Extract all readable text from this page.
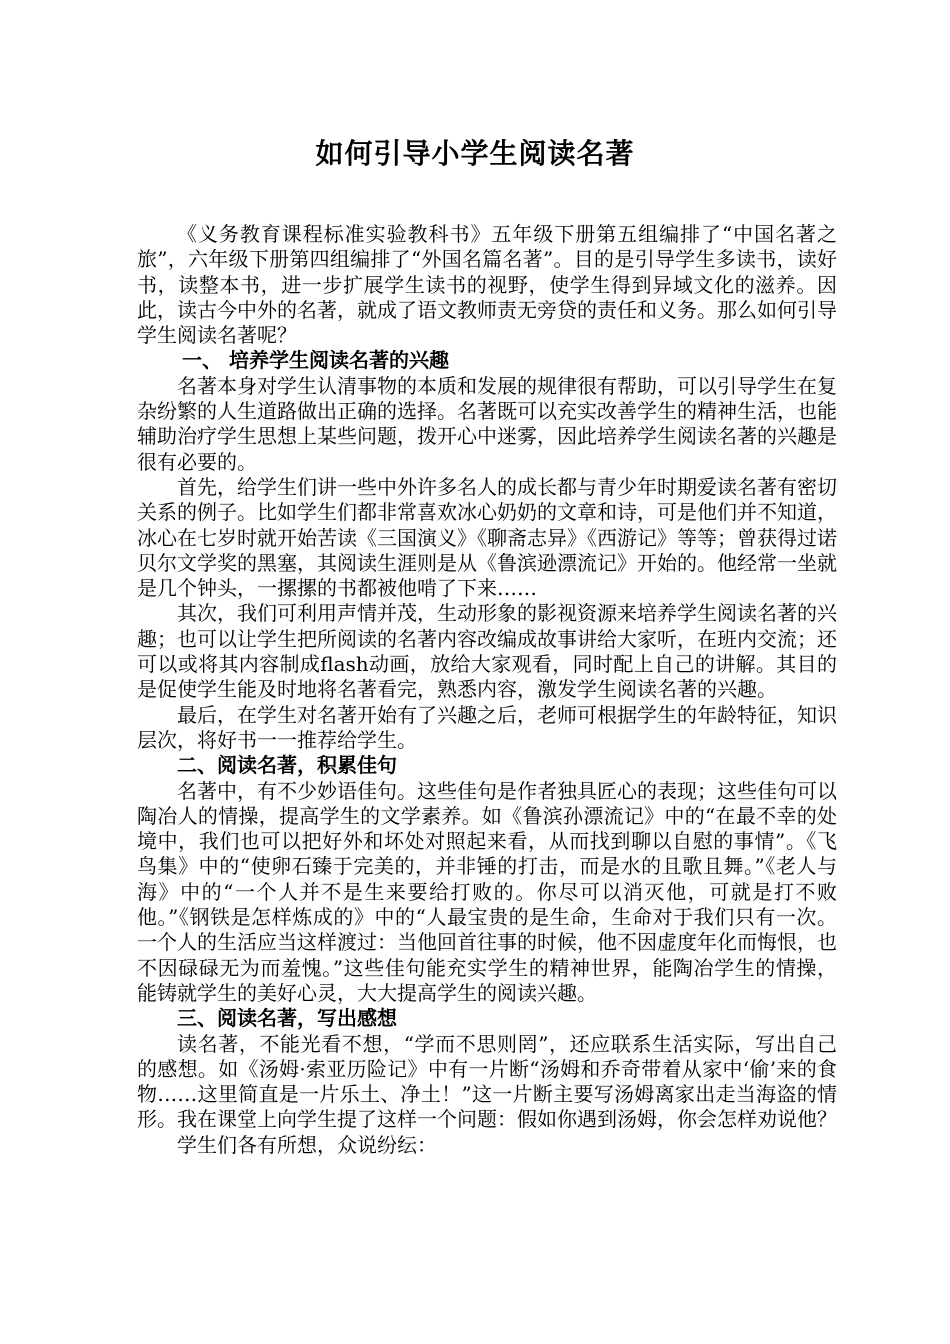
如何引导小学生阅读名著

《义务教育课程标准实验教科书》五年级下册第五组编排了“中国名著之旅”，六年级下册第四组编排了“外国名篇名著”。目的是引导学生多读书，读好书，读整本书，进一步扩展学生读书的视野，使学生得到异域文化的滋养。因此，读古今中外的名著，就成了语文教师责无旁贷的责任和义务。那么如何引导学生阅读名著呢？

一、 培养学生阅读名著的兴趣

名著本身对学生认清事物的本质和发展的规律很有帮助，可以引导学生在复杂纷繁的人生道路做出正确的选择。名著既可以充实改善学生的精神生活，也能辅助治疗学生思想上某些问题，拨开心中迷雾，因此培养学生阅读名著的兴趣是很有必要的。

首先，给学生们讲一些中外许多名人的成长都与青少年时期爱读名著有密切关系的例子。比如学生们都非常喜欢冰心奶奶的文章和诗，可是他们并不知道，冰心在七岁时就开始苦读《三国演义》《聊斋志异》《西游记》等等；曾获得过诺贝尔文学奖的黑塞，其阅读生涯则是从《鲁滨逊漂流记》开始的。他经常一坐就是几个钟头，一摞摞的书都被他啃了下来……

其次，我们可利用声情并茂，生动形象的影视资源来培养学生阅读名著的兴趣；也可以让学生把所阅读的名著内容改编成故事讲给大家听，在班内交流；还可以或将其内容制成flash动画，放给大家观看，同时配上自己的讲解。其目的是促使学生能及时地将名著看完，熟悉内容，激发学生阅读名著的兴趣。

最后，在学生对名著开始有了兴趣之后，老师可根据学生的年龄特征，知识层次，将好书一一推荐给学生。

二、阅读名著，积累佳句

名著中，有不少妙语佳句。这些佳句是作者独具匠心的表现；这些佳句可以陶冶人的情操，提高学生的文学素养。如《鲁滨孙漂流记》中的“在最不幸的处境中，我们也可以把好外和坏处对照起来看，从而找到聊以自慰的事情”。《飞鸟集》中的“使卵石臻于完美的，并非锤的打击，而是水的且歌且舞。”《老人与海》中的“一个人并不是生来要给打败的。你尽可以消灭他，可就是打不败他。”《钢铁是怎样炼成的》中的“人最宝贵的是生命，生命对于我们只有一次。一个人的生活应当这样渡过：当他回首往事的时候，他不因虚度年化而悔恨，也不因碌碌无为而羞愧。”这些佳句能充实学生的精神世界，能陶冶学生的情操，能铸就学生的美好心灵，大大提高学生的阅读兴趣。

三、阅读名著，写出感想

读名著，不能光看不想，“学而不思则罔”，还应联系生活实际，写出自己的感想。如《汤姆·索亚历险记》中有一片断“汤姆和乔奇带着从家中‘偷’来的食物……这里简直是一片乐土、净土！”这一片断主要写汤姆离家出走当海盗的情形。我在课堂上向学生提了这样一个问题：假如你遇到汤姆，你会怎样劝说他？

学生们各有所想，众说纷纭：
